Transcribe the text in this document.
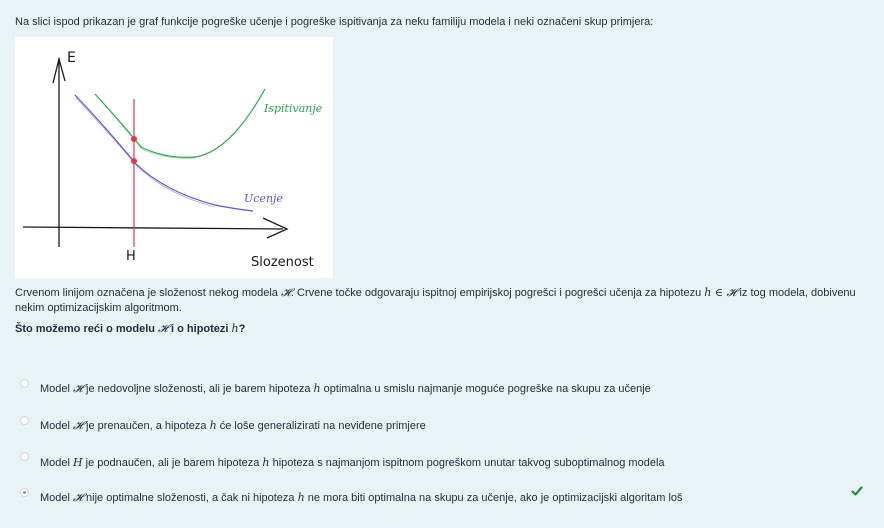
Na slici ispod prikazan je graf funkcije pogreške učenje i pogreške ispitivanja za neku familiju modela i neki označeni skup primjera:
E
H	Slozenost
Ispitivanje
Ucenje
Crvenom linijom označena je složenost nekog modela 𝓗. Crvene točke odgovaraju ispitnoj empirijskoj pogrešci i pogrešci učenja za hipotezu h ∈ 𝓗 iz tog modela, dobivenu nekim optimizacijskim algoritmom.
Što možemo reći o modelu 𝓗 i o hipotezi h?
Model 𝓗 je nedovoljne složenosti, ali je barem hipoteza h optimalna u smislu najmanje moguće pogreške na skupu za učenje
Model 𝓗 je prenaučen, a hipoteza h će loše generalizirati na neviđene primjere
Model H je podnaučen, ali je barem hipoteza h hipoteza s najmanjom ispitnom pogreškom unutar takvog suboptimalnog modela
Model 𝓗 nije optimalne složenosti, a čak ni hipoteza h ne mora biti optimalna na skupu za učenje, ako je optimizacijski algoritam loš
